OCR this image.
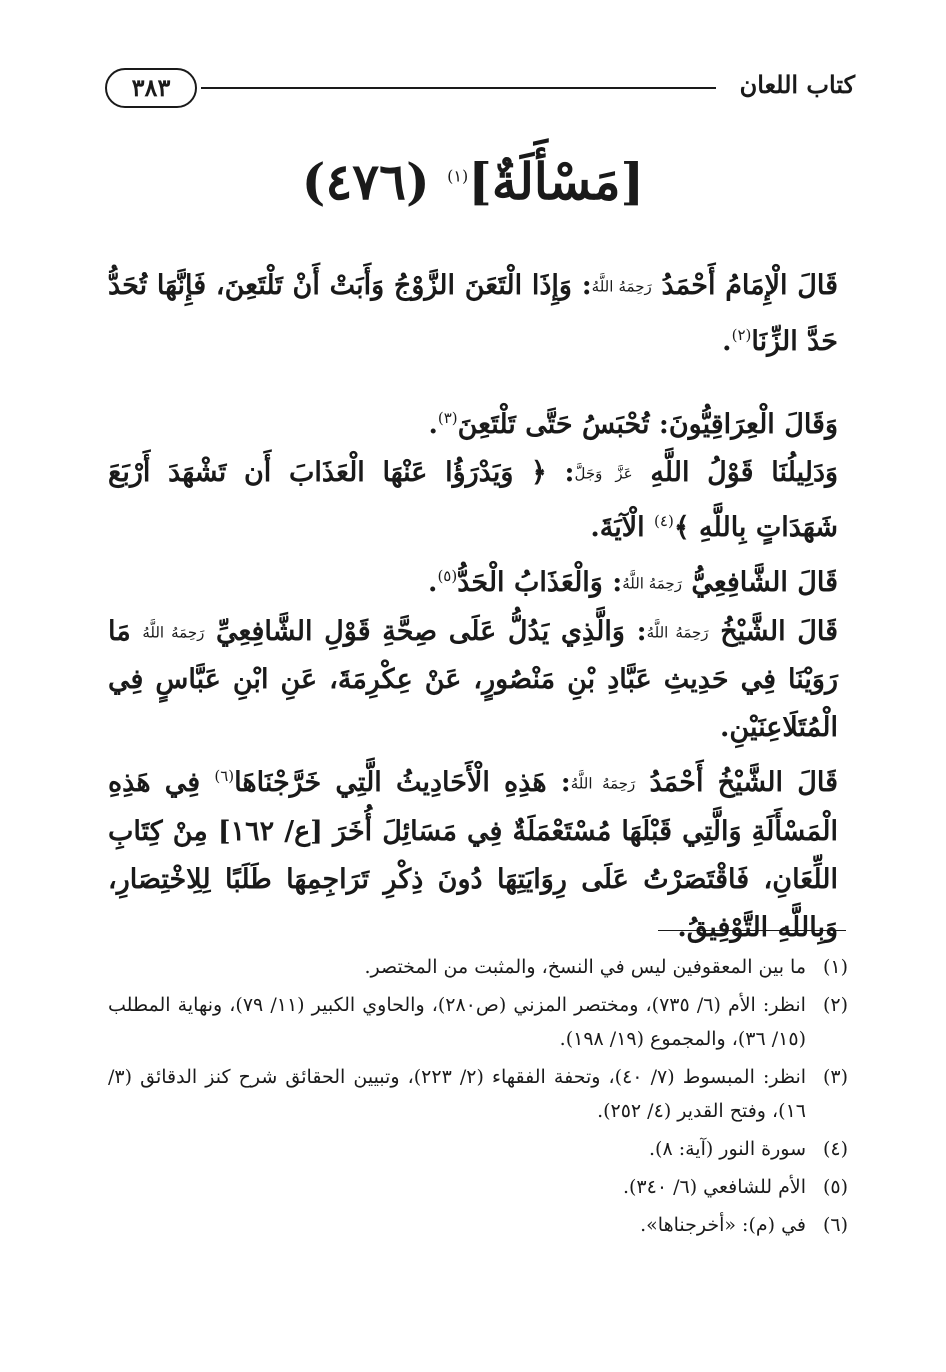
٣٨٣	كتاب اللعان
[مَسْأَلَةٌ]$^{(١)}$ (٤٧٦)

قَالَ الْإِمَامُ أَحْمَدُ رَحِمَهُ اللَّهُ: وَإِذَا الْتَعَنَ الزَّوْجُ وَأَبَتْ أَنْ تَلْتَعِنَ، فَإِنَّهَا تُحَدُّ حَدَّ الزِّنَا$^{(٢)}$.

وَقَالَ الْعِرَاقِيُّونَ: تُحْبَسُ حَتَّى تَلْتَعِنَ$^{(٣)}$.

وَدَلِيلُنَا قَوْلُ اللَّهِ عَزَّ وَجَلَّ: ﴿ وَيَدْرَؤُا عَنْهَا الْعَذَابَ أَن تَشْهَدَ أَرْبَعَ شَهَدَاتٍ بِاللَّهِ ﴾$^{(٤)}$ الْآيَةَ.

قَالَ الشَّافِعِيُّ رَحِمَهُ اللَّهُ: وَالْعَذَابُ الْحَدُّ$^{(٥)}$.

قَالَ الشَّيْخُ رَحِمَهُ اللَّهُ: وَالَّذِي يَدُلُّ عَلَى صِحَّةِ قَوْلِ الشَّافِعِيِّ رَحِمَهُ اللَّهُ مَا رَوَيْنَا فِي حَدِيثِ عَبَّادِ بْنِ مَنْصُورٍ، عَنْ عِكْرِمَةَ، عَنِ ابْنِ عَبَّاسٍ فِي الْمُتَلَاعِنَيْنِ.

قَالَ الشَّيْخُ أَحْمَدُ رَحِمَهُ اللَّهُ: هَذِهِ الْأَحَادِيثُ الَّتِي خَرَّجْنَاهَا$^{(٦)}$ فِي هَذِهِ الْمَسْأَلَةِ وَالَّتِي قَبْلَهَا مُسْتَعْمَلَةٌ فِي مَسَائِلَ أُخَرَ [ع/ ١٦٢] مِنْ كِتَابِ اللِّعَانِ، فَاقْتَصَرْتُ عَلَى رِوَايَتِهَا دُونَ ذِكْرِ تَرَاجِمِهَا طَلَبًا لِلِاخْتِصَارِ، وَبِاللَّهِ التَّوْفِيقُ.

(١)
ما بين المعقوفين ليس في النسخ، والمثبت من المختصر.
(٢)
انظر: الأم (٦/ ٧٣٥)، ومختصر المزني (ص٢٨٠)، والحاوي الكبير (١١/ ٧٩)، ونهاية المطلب (١٥/ ٣٦)، والمجموع (١٩/ ١٩٨).
(٣)
انظر: المبسوط (٧/ ٤٠)، وتحفة الفقهاء (٢/ ٢٢٣)، وتبيين الحقائق شرح كنز الدقائق (٣/ ١٦)، وفتح القدير (٤/ ٢٥٢).
(٤)
سورة النور (آية: ٨).
(٥)
الأم للشافعي (٦/ ٣٤٠).
(٦)
في (م): «أخرجناها».
